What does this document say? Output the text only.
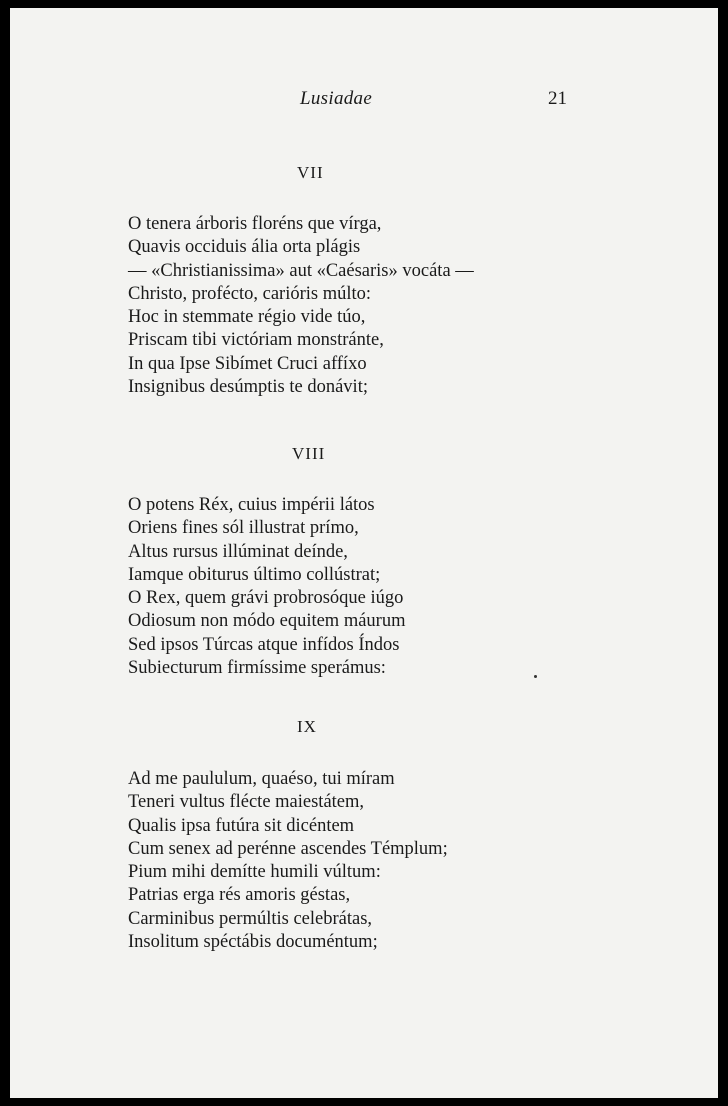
Lusiadae	21
VII
O tenera árboris floréns que vírga,
Quavis occiduis ália orta plágis
— «Christianissima» aut «Caésaris» vocáta —
Christo, profécto, carióris múlto:
Hoc in stemmate régio vide túo,
Priscam tibi victóriam monstránte,
In qua Ipse Sibímet Cruci affíxo
Insignibus desúmptis te donávit;
VIII
O potens Réx, cuius impérii látos
Oriens fines sól illustrat prímo,
Altus rursus illúminat deínde,
Iamque obiturus último collústrat;
O Rex, quem grávi probrosóque iúgo
Odiosum non módo equitem máurum
Sed ipsos Túrcas atque infídos Índos
Subiecturum firmíssime sperámus:
IX
Ad me paululum, quaéso, tui míram
Teneri vultus flécte maiestátem,
Qualis ipsa futúra sit dicéntem
Cum senex ad perénne ascendes Témplum;
Pium mihi demítte humili vúltum:
Patrias erga rés amoris géstas,
Carminibus permúltis celebrátas,
Insolitum spéctábis documéntum;
